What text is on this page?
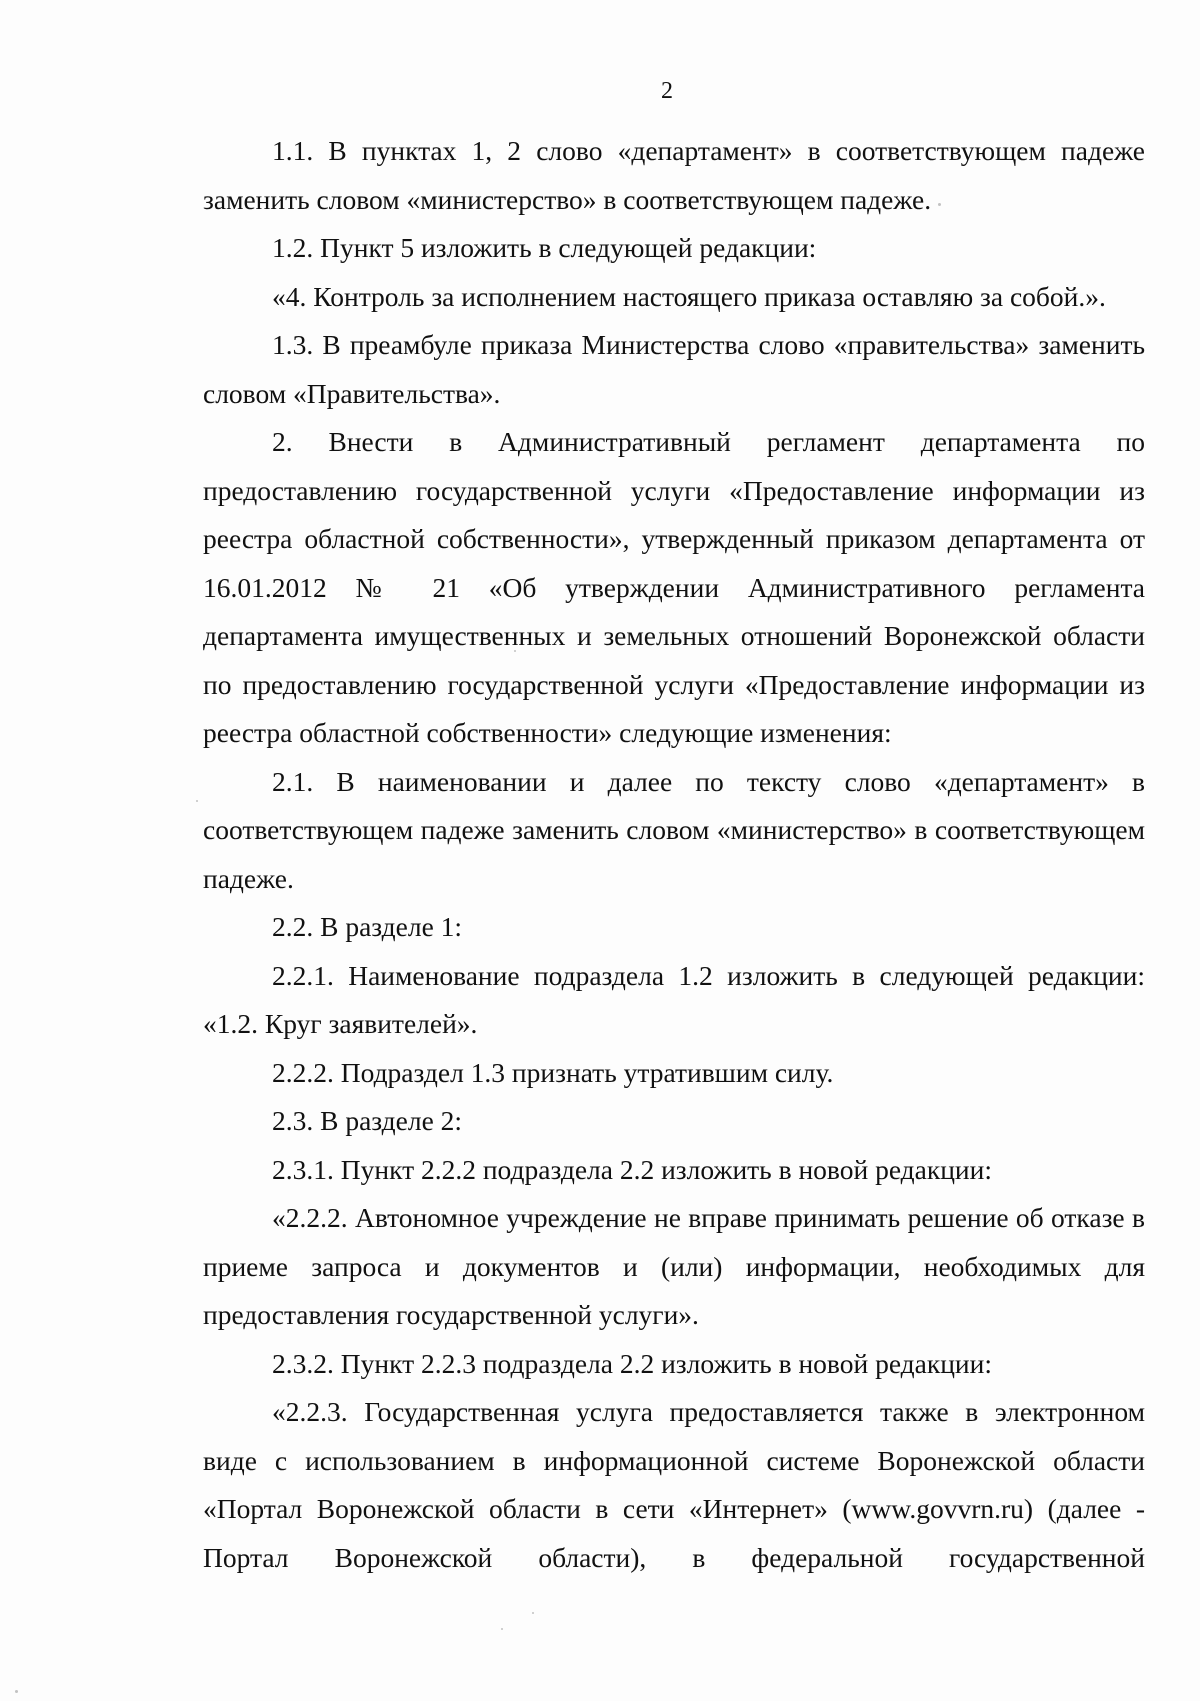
2

1.1. В пунктах 1, 2 слово «департамент» в соответствующем падеже заменить словом «министерство» в соответствующем падеже.

1.2. Пункт 5 изложить в следующей редакции:

«4. Контроль за исполнением настоящего приказа оставляю за собой.».

1.3. В преамбуле приказа Министерства слово «правительства» заменить словом «Правительства».

2. Внести в Административный регламент департамента по предоставлению государственной услуги «Предоставление информации из реестра областной собственности», утвержденный приказом департамента от 16.01.2012 № 21 «Об утверждении Административного регламента департамента имущественных и земельных отношений Воронежской области по предоставлению государственной услуги «Предоставление информации из реестра областной собственности» следующие изменения:

2.1. В наименовании и далее по тексту слово «департамент» в соответствующем падеже заменить словом «министерство» в соответствующем падеже.

2.2. В разделе 1:

2.2.1. Наименование подраздела 1.2 изложить в следующей редакции: «1.2. Круг заявителей».

2.2.2. Подраздел 1.3 признать утратившим силу.

2.3. В разделе 2:

2.3.1. Пункт 2.2.2 подраздела 2.2 изложить в новой редакции:

«2.2.2. Автономное учреждение не вправе принимать решение об отказе в приеме запроса и документов и (или) информации, необходимых для предоставления государственной услуги».

2.3.2. Пункт 2.2.3 подраздела 2.2 изложить в новой редакции:

«2.2.3. Государственная услуга предоставляется также в электронном виде с использованием в информационной системе Воронежской области «Портал Воронежской области в сети «Интернет» (www.govvrn.ru) (далее - Портал Воронежской области), в федеральной государственной
